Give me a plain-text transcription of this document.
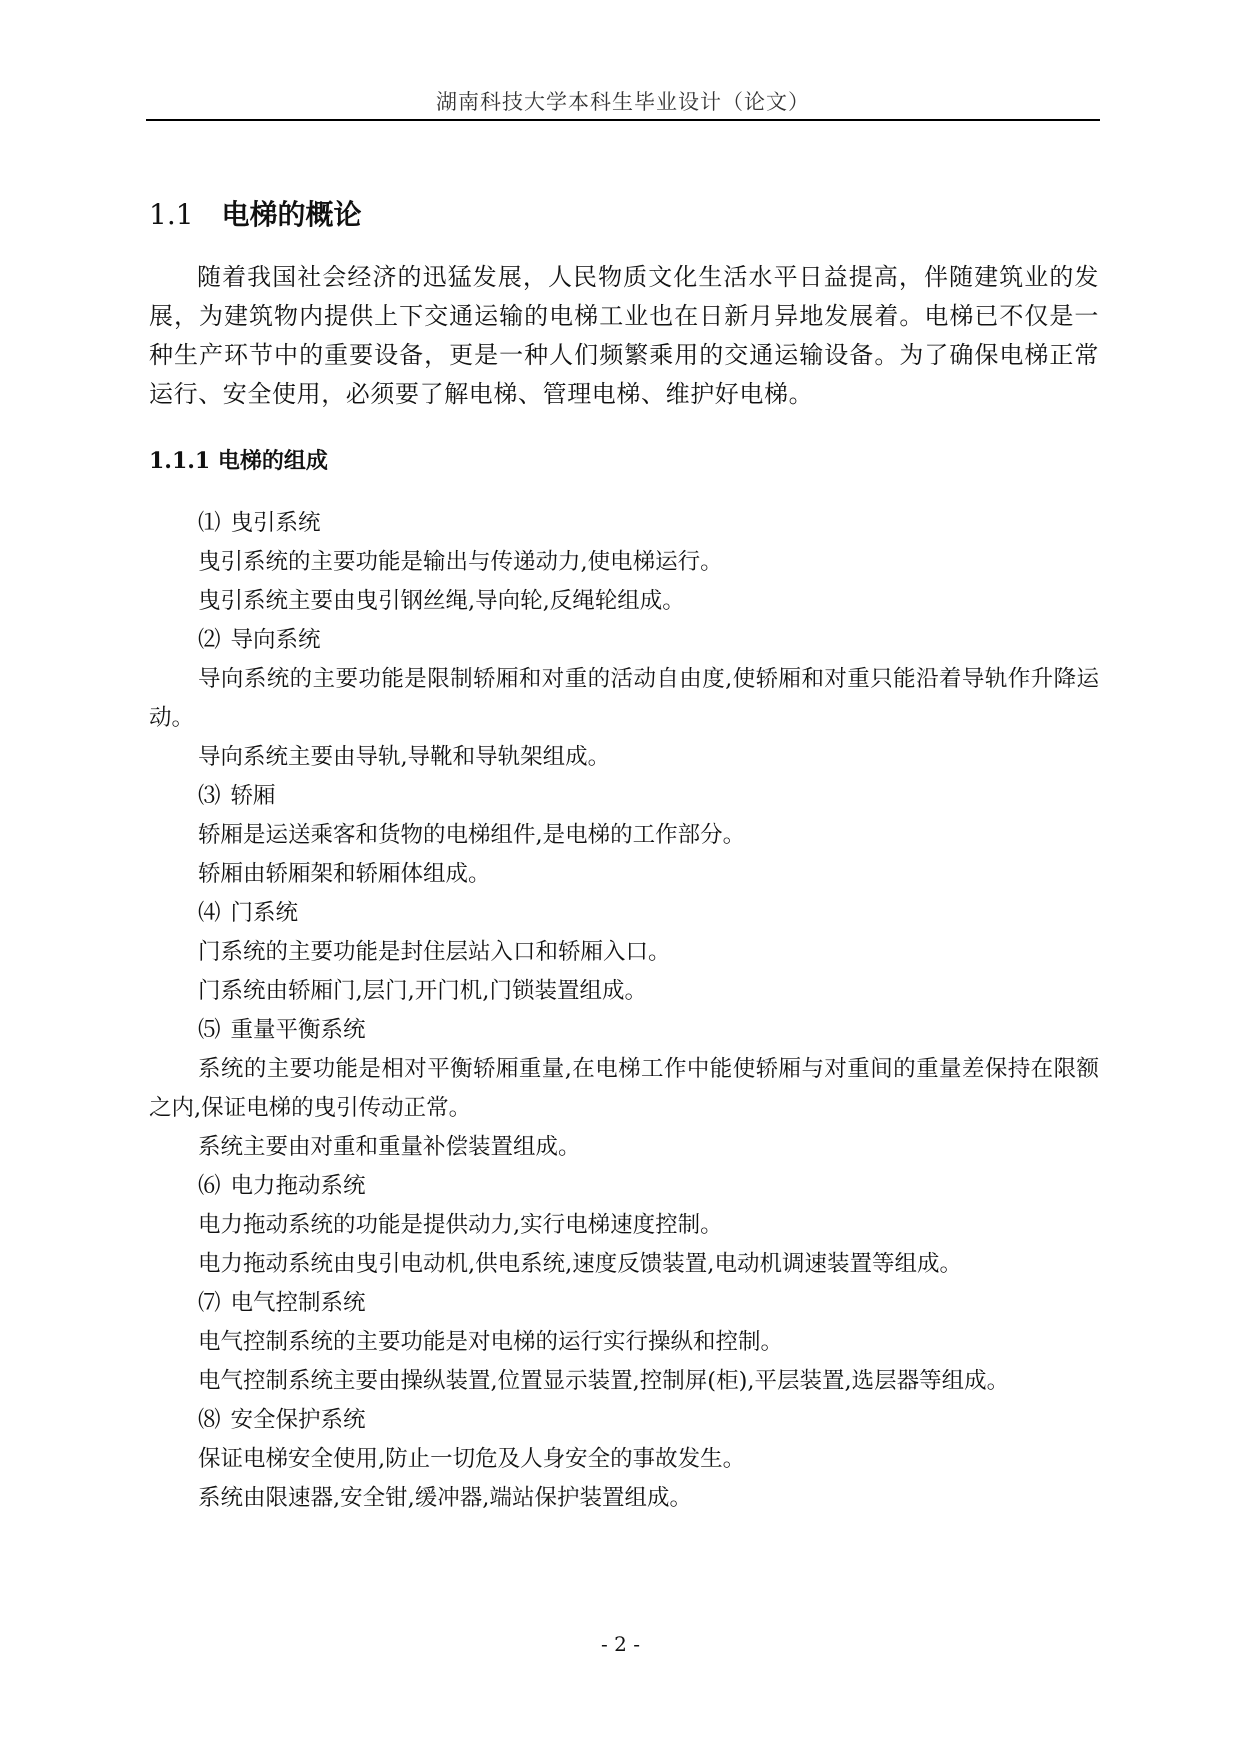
湖南科技大学本科生毕业设计（论文）
1.1 电梯的概论

随着我国社会经济的迅猛发展，人民物质文化生活水平日益提高，伴随建筑业的发展，为建筑物内提供上下交通运输的电梯工业也在日新月异地发展着。电梯已不仅是一种生产环节中的重要设备，更是一种人们频繁乘用的交通运输设备。为了确保电梯正常运行、安全使用，必须要了解电梯、管理电梯、维护好电梯。

1.1.1 电梯的组成

⑴ 曳引系统

曳引系统的主要功能是输出与传递动力,使电梯运行。

曳引系统主要由曳引钢丝绳,导向轮,反绳轮组成。

⑵ 导向系统

导向系统的主要功能是限制轿厢和对重的活动自由度,使轿厢和对重只能沿着导轨作升降运动。

导向系统主要由导轨,导靴和导轨架组成。

⑶ 轿厢

轿厢是运送乘客和货物的电梯组件,是电梯的工作部分。

轿厢由轿厢架和轿厢体组成。

⑷ 门系统

门系统的主要功能是封住层站入口和轿厢入口。

门系统由轿厢门,层门,开门机,门锁装置组成。

⑸ 重量平衡系统

系统的主要功能是相对平衡轿厢重量,在电梯工作中能使轿厢与对重间的重量差保持在限额之内,保证电梯的曳引传动正常。

系统主要由对重和重量补偿装置组成。

⑹ 电力拖动系统

电力拖动系统的功能是提供动力,实行电梯速度控制。

电力拖动系统由曳引电动机,供电系统,速度反馈装置,电动机调速装置等组成。

⑺ 电气控制系统

电气控制系统的主要功能是对电梯的运行实行操纵和控制。

电气控制系统主要由操纵装置,位置显示装置,控制屏(柜),平层装置,选层器等组成。

⑻ 安全保护系统

保证电梯安全使用,防止一切危及人身安全的事故发生。

系统由限速器,安全钳,缓冲器,端站保护装置组成。

- 2 -
